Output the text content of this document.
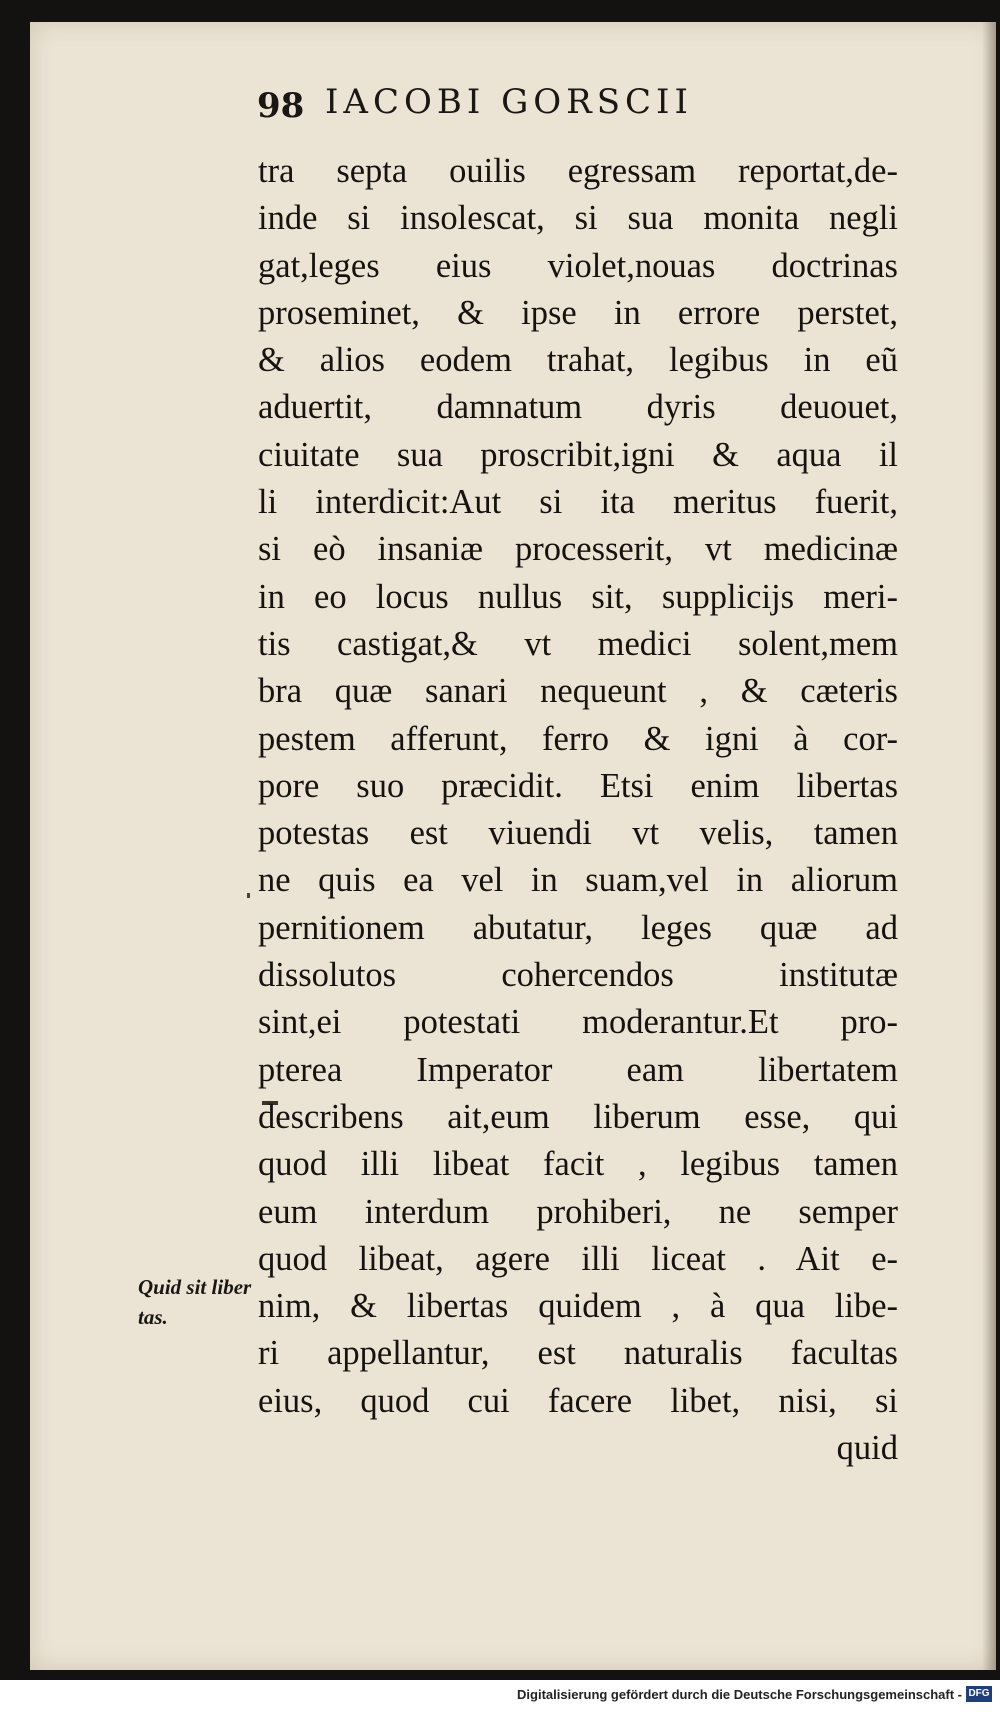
98 IACOBI GORSCII
tra septa ouilis egressam reportat,de-
inde si insolescat, si sua monita negli
gat,leges eius violet,nouas doctrinas
proseminet, & ipse in errore perstet,
& alios eodem trahat, legibus in eũ
aduertit, damnatum dyris deuouet,
ciuitate sua proscribit,igni & aqua il
li interdicit:Aut si ita meritus fuerit,
si eò insaniæ processerit, vt medicinæ
in eo locus nullus sit, supplicijs meri-
tis castigat,& vt medici solent,mem
bra quæ sanari nequeunt , & cæteris
pestem afferunt, ferro & igni à cor-
pore suo præcidit. Etsi enim libertas
potestas est viuendi vt velis, tamen
ne quis ea vel in suam,vel in aliorum
pernitionem abutatur, leges quæ ad
dissolutos cohercendos institutæ
sint,ei potestati moderantur.Et pro-
pterea Imperator eam libertatem
describens ait,eum liberum esse, qui
quod illi libeat facit , legibus tamen
eum interdum prohiberi, ne semper
quod libeat, agere illi liceat . Ait e-
nim, & libertas quidem , à qua libe-
ri appellantur, est naturalis facultas
eius, quod cui facere libet, nisi, si
quid
Quid sit liber
tas.
Digitalisierung gefördert durch die Deutsche Forschungsgemeinschaft - DFG
